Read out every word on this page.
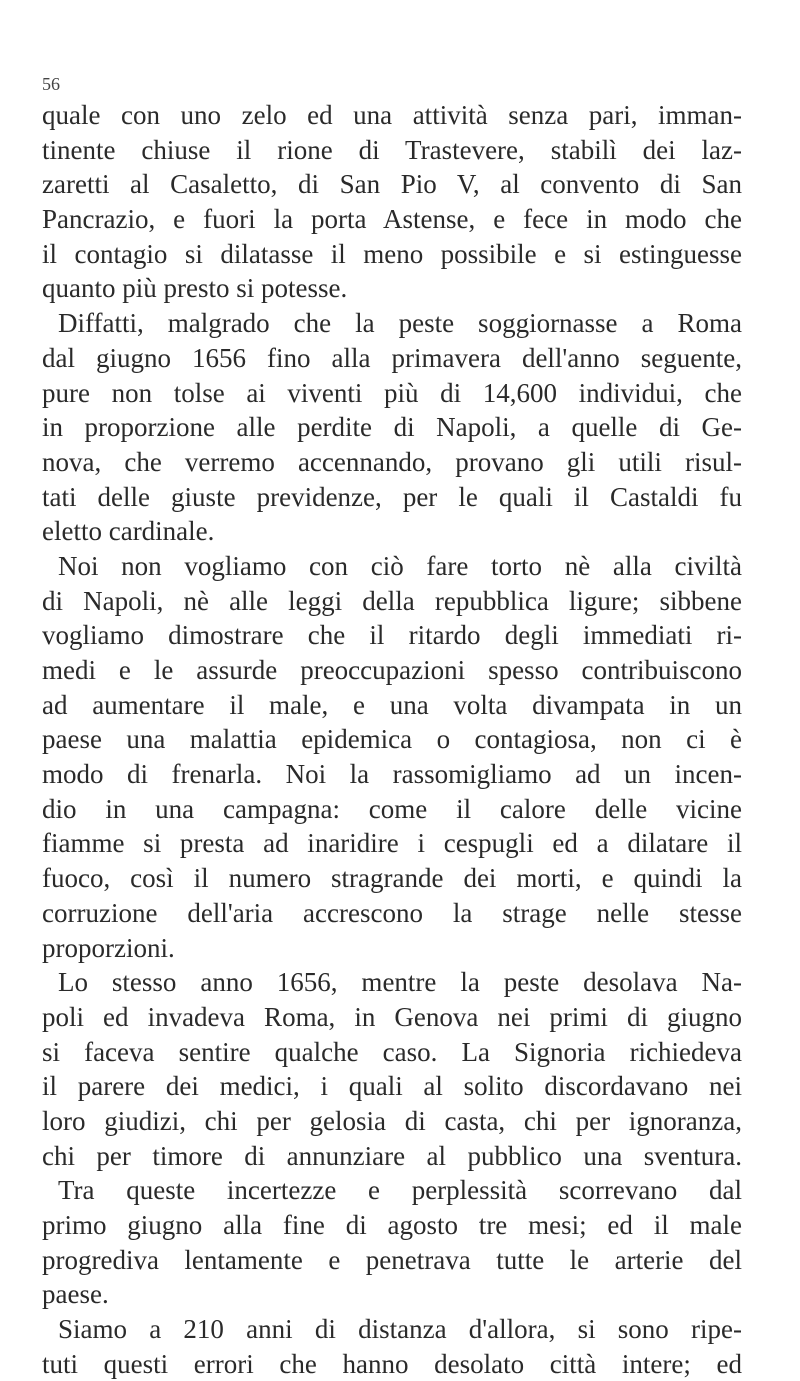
56
quale con uno zelo ed una attività senza pari, imman-
tinente chiuse il rione di Trastevere, stabilì dei laz-
zaretti al Casaletto, di San Pio V, al convento di San
Pancrazio, e fuori la porta Astense, e fece in modo che
il contagio si dilatasse il meno possibile e si estinguesse
quanto più presto si potesse.
Diffatti, malgrado che la peste soggiornasse a Roma
dal giugno 1656 fino alla primavera dell'anno seguente,
pure non tolse ai viventi più di 14,600 individui, che
in proporzione alle perdite di Napoli, a quelle di Ge-
nova, che verremo accennando, provano gli utili risul-
tati delle giuste previdenze, per le quali il Castaldi fu
eletto cardinale.
Noi non vogliamo con ciò fare torto nè alla civiltà
di Napoli, nè alle leggi della repubblica ligure; sibbene
vogliamo dimostrare che il ritardo degli immediati ri-
medi e le assurde preoccupazioni spesso contribuiscono
ad aumentare il male, e una volta divampata in un
paese una malattia epidemica o contagiosa, non ci è
modo di frenarla. Noi la rassomigliamo ad un incen-
dio in una campagna: come il calore delle vicine
fiamme si presta ad inaridire i cespugli ed a dilatare il
fuoco, così il numero stragrande dei morti, e quindi la
corruzione dell'aria accrescono la strage nelle stesse
proporzioni.
Lo stesso anno 1656, mentre la peste desolava Na-
poli ed invadeva Roma, in Genova nei primi di giugno
si faceva sentire qualche caso. La Signoria richiedeva
il parere dei medici, i quali al solito discordavano nei
loro giudizi, chi per gelosia di casta, chi per ignoranza,
chi per timore di annunziare al pubblico una sventura.
Tra queste incertezze e perplessità scorrevano dal
primo giugno alla fine di agosto tre mesi; ed il male
progrediva lentamente e penetrava tutte le arterie del
paese.
Siamo a 210 anni di distanza d'allora, si sono ripe-
tuti questi errori che hanno desolato città intere; ed
